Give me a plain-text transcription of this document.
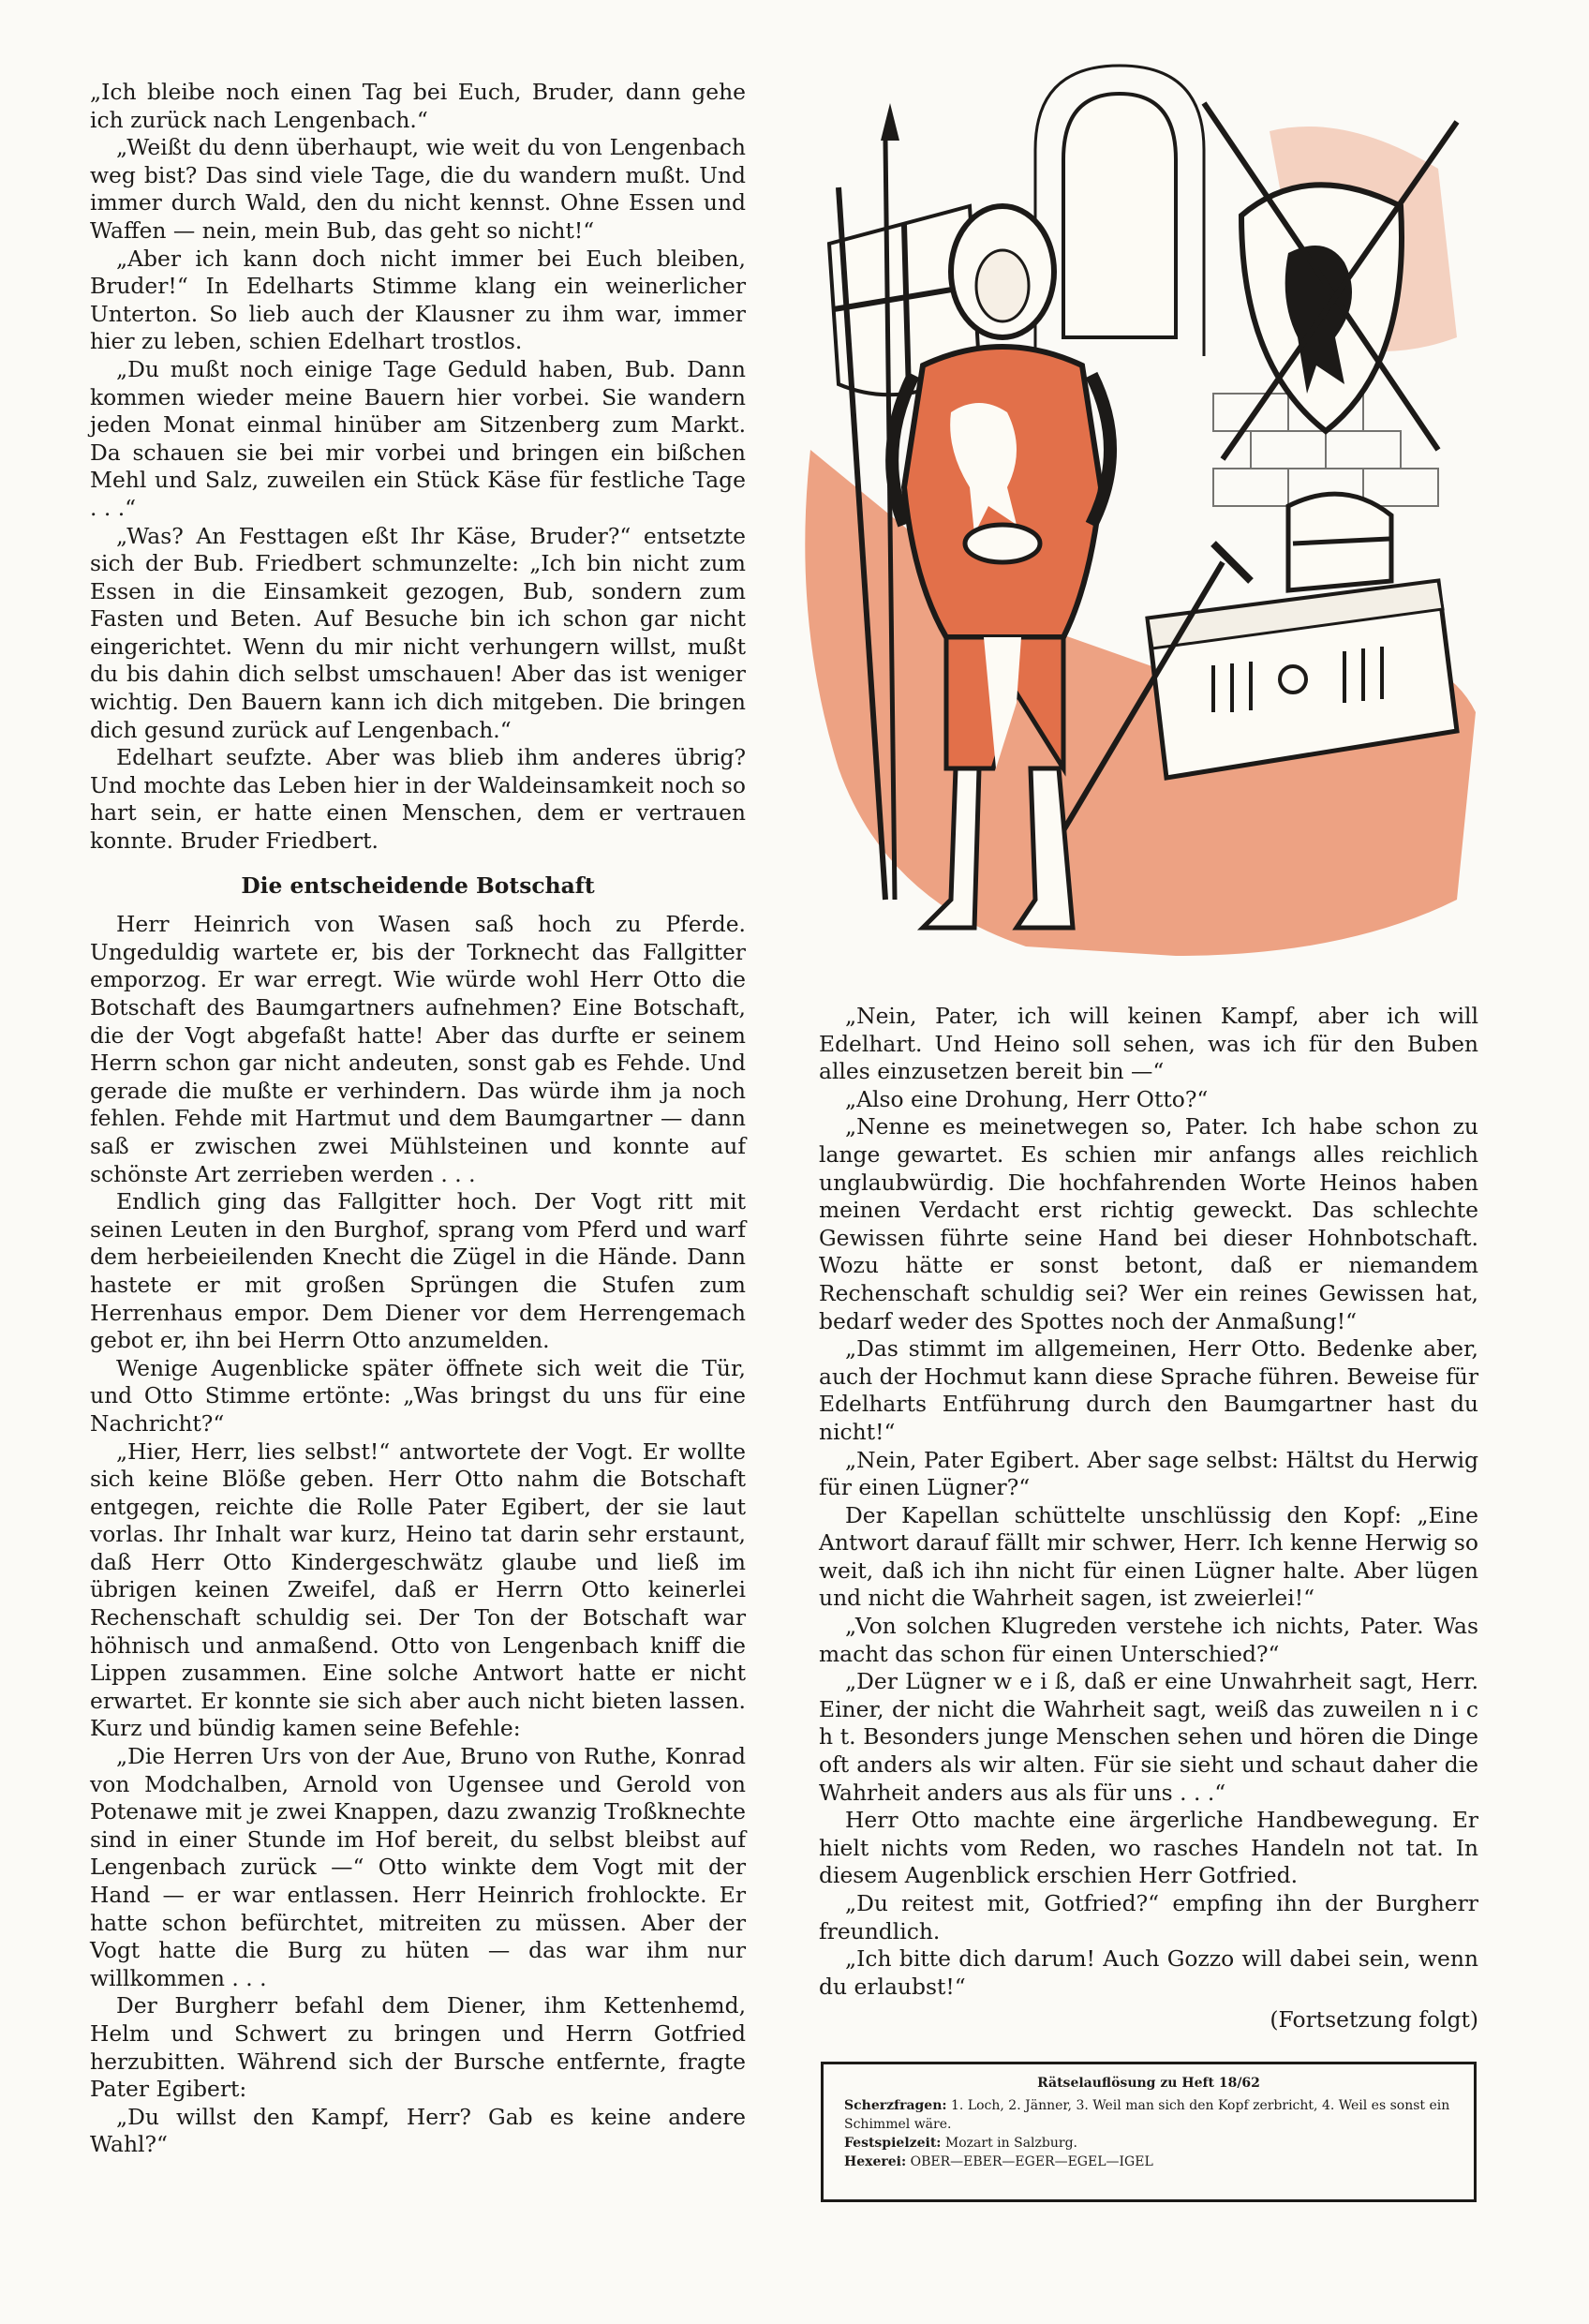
„Ich bleibe noch einen Tag bei Euch, Bruder, dann gehe ich zurück nach Lengenbach.“

„Weißt du denn überhaupt, wie weit du von Lengenbach weg bist? Das sind viele Tage, die du wandern mußt. Und immer durch Wald, den du nicht kennst. Ohne Essen und Waffen — nein, mein Bub, das geht so nicht!“

„Aber ich kann doch nicht immer bei Euch bleiben, Bruder!“ In Edelharts Stimme klang ein weinerlicher Unterton. So lieb auch der Klausner zu ihm war, immer hier zu leben, schien Edelhart trostlos.

„Du mußt noch einige Tage Geduld haben, Bub. Dann kommen wieder meine Bauern hier vorbei. Sie wandern jeden Monat einmal hinüber am Sitzenberg zum Markt. Da schauen sie bei mir vorbei und bringen ein bißchen Mehl und Salz, zuweilen ein Stück Käse für festliche Tage . . .“

„Was? An Festtagen eßt Ihr Käse, Bruder?“ entsetzte sich der Bub. Friedbert schmunzelte: „Ich bin nicht zum Essen in die Einsamkeit gezogen, Bub, sondern zum Fasten und Beten. Auf Besuche bin ich schon gar nicht eingerichtet. Wenn du mir nicht verhungern willst, mußt du bis dahin dich selbst umschauen! Aber das ist weniger wichtig. Den Bauern kann ich dich mitgeben. Die bringen dich gesund zurück auf Lengenbach.“

Edelhart seufzte. Aber was blieb ihm anderes übrig? Und mochte das Leben hier in der Waldeinsamkeit noch so hart sein, er hatte einen Menschen, dem er vertrauen konnte. Bruder Friedbert.

Die entscheidende Botschaft

Herr Heinrich von Wasen saß hoch zu Pferde. Ungeduldig wartete er, bis der Torknecht das Fallgitter emporzog. Er war erregt. Wie würde wohl Herr Otto die Botschaft des Baumgartners aufnehmen? Eine Botschaft, die der Vogt abgefaßt hatte! Aber das durfte er seinem Herrn schon gar nicht andeuten, sonst gab es Fehde. Und gerade die mußte er verhindern. Das würde ihm ja noch fehlen. Fehde mit Hartmut und dem Baumgartner — dann saß er zwischen zwei Mühlsteinen und konnte auf schönste Art zerrieben werden . . .

Endlich ging das Fallgitter hoch. Der Vogt ritt mit seinen Leuten in den Burghof, sprang vom Pferd und warf dem herbeieilenden Knecht die Zügel in die Hände. Dann hastete er mit großen Sprüngen die Stufen zum Herrenhaus empor. Dem Diener vor dem Herrengemach gebot er, ihn bei Herrn Otto anzumelden.

Wenige Augenblicke später öffnete sich weit die Tür, und Otto Stimme ertönte: „Was bringst du uns für eine Nachricht?“

„Hier, Herr, lies selbst!“ antwortete der Vogt. Er wollte sich keine Blöße geben. Herr Otto nahm die Botschaft entgegen, reichte die Rolle Pater Egibert, der sie laut vorlas. Ihr Inhalt war kurz, Heino tat darin sehr erstaunt, daß Herr Otto Kindergeschwätz glaube und ließ im übrigen keinen Zweifel, daß er Herrn Otto keinerlei Rechenschaft schuldig sei. Der Ton der Botschaft war höhnisch und anmaßend. Otto von Lengenbach kniff die Lippen zusammen. Eine solche Antwort hatte er nicht erwartet. Er konnte sie sich aber auch nicht bieten lassen. Kurz und bündig kamen seine Befehle:

„Die Herren Urs von der Aue, Bruno von Ruthe, Konrad von Modchalben, Arnold von Ugensee und Gerold von Potenawe mit je zwei Knappen, dazu zwanzig Troßknechte sind in einer Stunde im Hof bereit, du selbst bleibst auf Lengenbach zurück —“ Otto winkte dem Vogt mit der Hand — er war entlassen. Herr Heinrich frohlockte. Er hatte schon befürchtet, mitreiten zu müssen. Aber der Vogt hatte die Burg zu hüten — das war ihm nur willkommen . . .

Der Burgherr befahl dem Diener, ihm Kettenhemd, Helm und Schwert zu bringen und Herrn Gotfried herzubitten. Während sich der Bursche entfernte, fragte Pater Egibert:

„Du willst den Kampf, Herr? Gab es keine andere Wahl?“

„Nein, Pater, ich will keinen Kampf, aber ich will Edelhart. Und Heino soll sehen, was ich für den Buben alles einzusetzen bereit bin —“

„Also eine Drohung, Herr Otto?“

„Nenne es meinetwegen so, Pater. Ich habe schon zu lange gewartet. Es schien mir anfangs alles reichlich unglaubwürdig. Die hochfahrenden Worte Heinos haben meinen Verdacht erst richtig geweckt. Das schlechte Gewissen führte seine Hand bei dieser Hohnbotschaft. Wozu hätte er sonst betont, daß er niemandem Rechenschaft schuldig sei? Wer ein reines Gewissen hat, bedarf weder des Spottes noch der Anmaßung!“

„Das stimmt im allgemeinen, Herr Otto. Bedenke aber, auch der Hochmut kann diese Sprache führen. Beweise für Edelharts Entführung durch den Baumgartner hast du nicht!“

„Nein, Pater Egibert. Aber sage selbst: Hältst du Herwig für einen Lügner?“

Der Kapellan schüttelte unschlüssig den Kopf: „Eine Antwort darauf fällt mir schwer, Herr. Ich kenne Herwig so weit, daß ich ihn nicht für einen Lügner halte. Aber lügen und nicht die Wahrheit sagen, ist zweierlei!“

„Von solchen Klugreden verstehe ich nichts, Pater. Was macht das schon für einen Unterschied?“

„Der Lügner w e i ß, daß er eine Unwahrheit sagt, Herr. Einer, der nicht die Wahrheit sagt, weiß das zuweilen n i c h t. Besonders junge Menschen sehen und hören die Dinge oft anders als wir alten. Für sie sieht und schaut daher die Wahrheit anders aus als für uns . . .“

Herr Otto machte eine ärgerliche Handbewegung. Er hielt nichts vom Reden, wo rasches Handeln not tat. In diesem Augenblick erschien Herr Gotfried.

„Du reitest mit, Gotfried?“ empfing ihn der Burgherr freundlich.

„Ich bitte dich darum! Auch Gozzo will dabei sein, wenn du erlaubst!“

(Fortsetzung folgt)

Rätselauflösung zu Heft 18/62
Scherzfragen: 1. Loch, 2. Jänner, 3. Weil man sich den Kopf zerbricht, 4. Weil es sonst ein Schimmel wäre.
Festspielzeit: Mozart in Salzburg.
Hexerei: OBER—EBER—EGER—EGEL—IGEL
